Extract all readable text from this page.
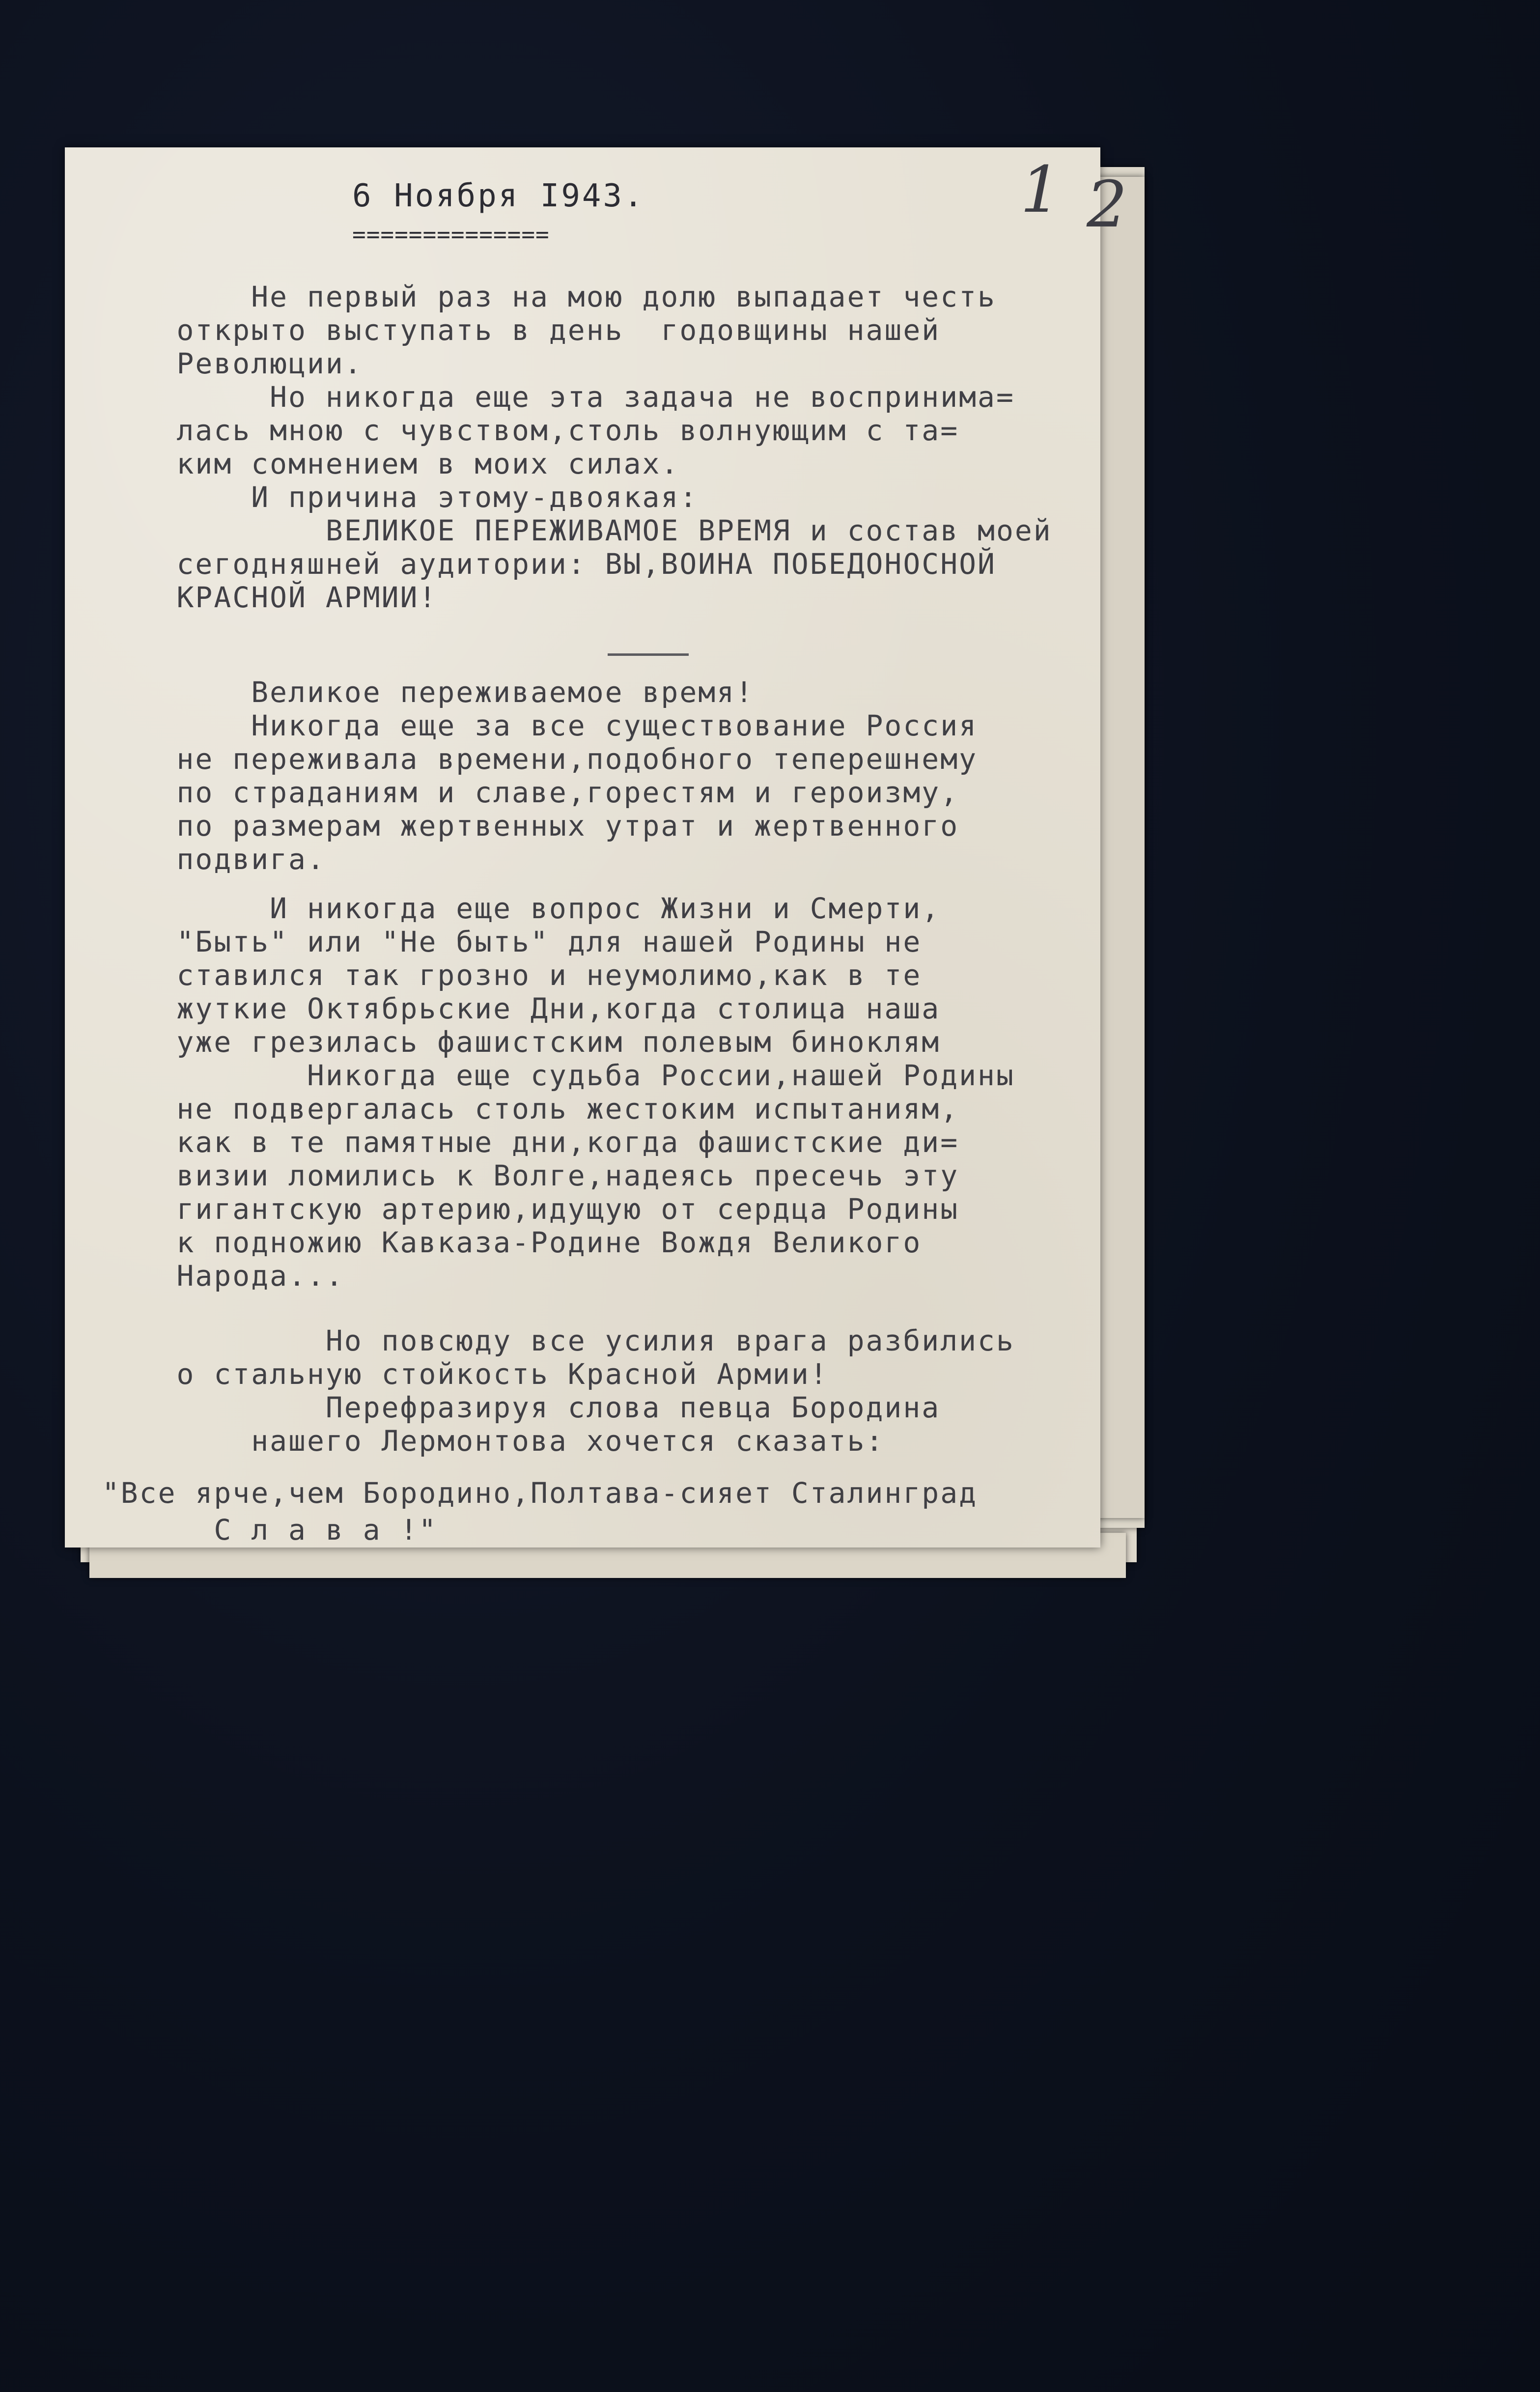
1 2
6 Ноября I943.
==============
Не первый раз на мою долю выпадает честь
открыто выступать в день  годовщины нашей
Революции.
Но никогда еще эта задача не воспринима=
лась мною с чувством,столь волнующим с та=
ким сомнением в моих силах.
И причина этому-двоякая:
ВЕЛИКОЕ ПЕРЕЖИВАМОЕ ВРЕМЯ и состав моей
сегодняшней аудитории: ВЫ,ВОИНА ПОБЕДОНОСНОЙ
КРАСНОЙ АРМИИ!
Великое переживаемое время!
Никогда еще за все существование Россия
не переживала времени,подобного теперешнему
по страданиям и славе,горестям и героизму,
по размерам жертвенных утрат и жертвенного
подвига.
И никогда еще вопрос Жизни и Смерти,
"Быть" или "Не быть" для нашей Родины не
ставился так грозно и неумолимо,как в те
жуткие Октябрьские Дни,когда столица наша
уже грезилась фашистским полевым биноклям
Никогда еще судьба России,нашей Родины
не подвергалась столь жестоким испытаниям,
как в те памятные дни,когда фашистские ди=
визии ломились к Волге,надеясь пресечь эту
гигантскую артерию,идущую от сердца Родины
к подножию Кавказа-Родине Вождя Великого
Народа...
Но повсюду все усилия врага разбились
о стальную стойкость Красной Армии!
Перефразируя слова певца Бородина
нашего Лермонтова хочется сказать:
"Все ярче,чем Бородино,Полтава-сияет Сталинград
С л а в а !"
